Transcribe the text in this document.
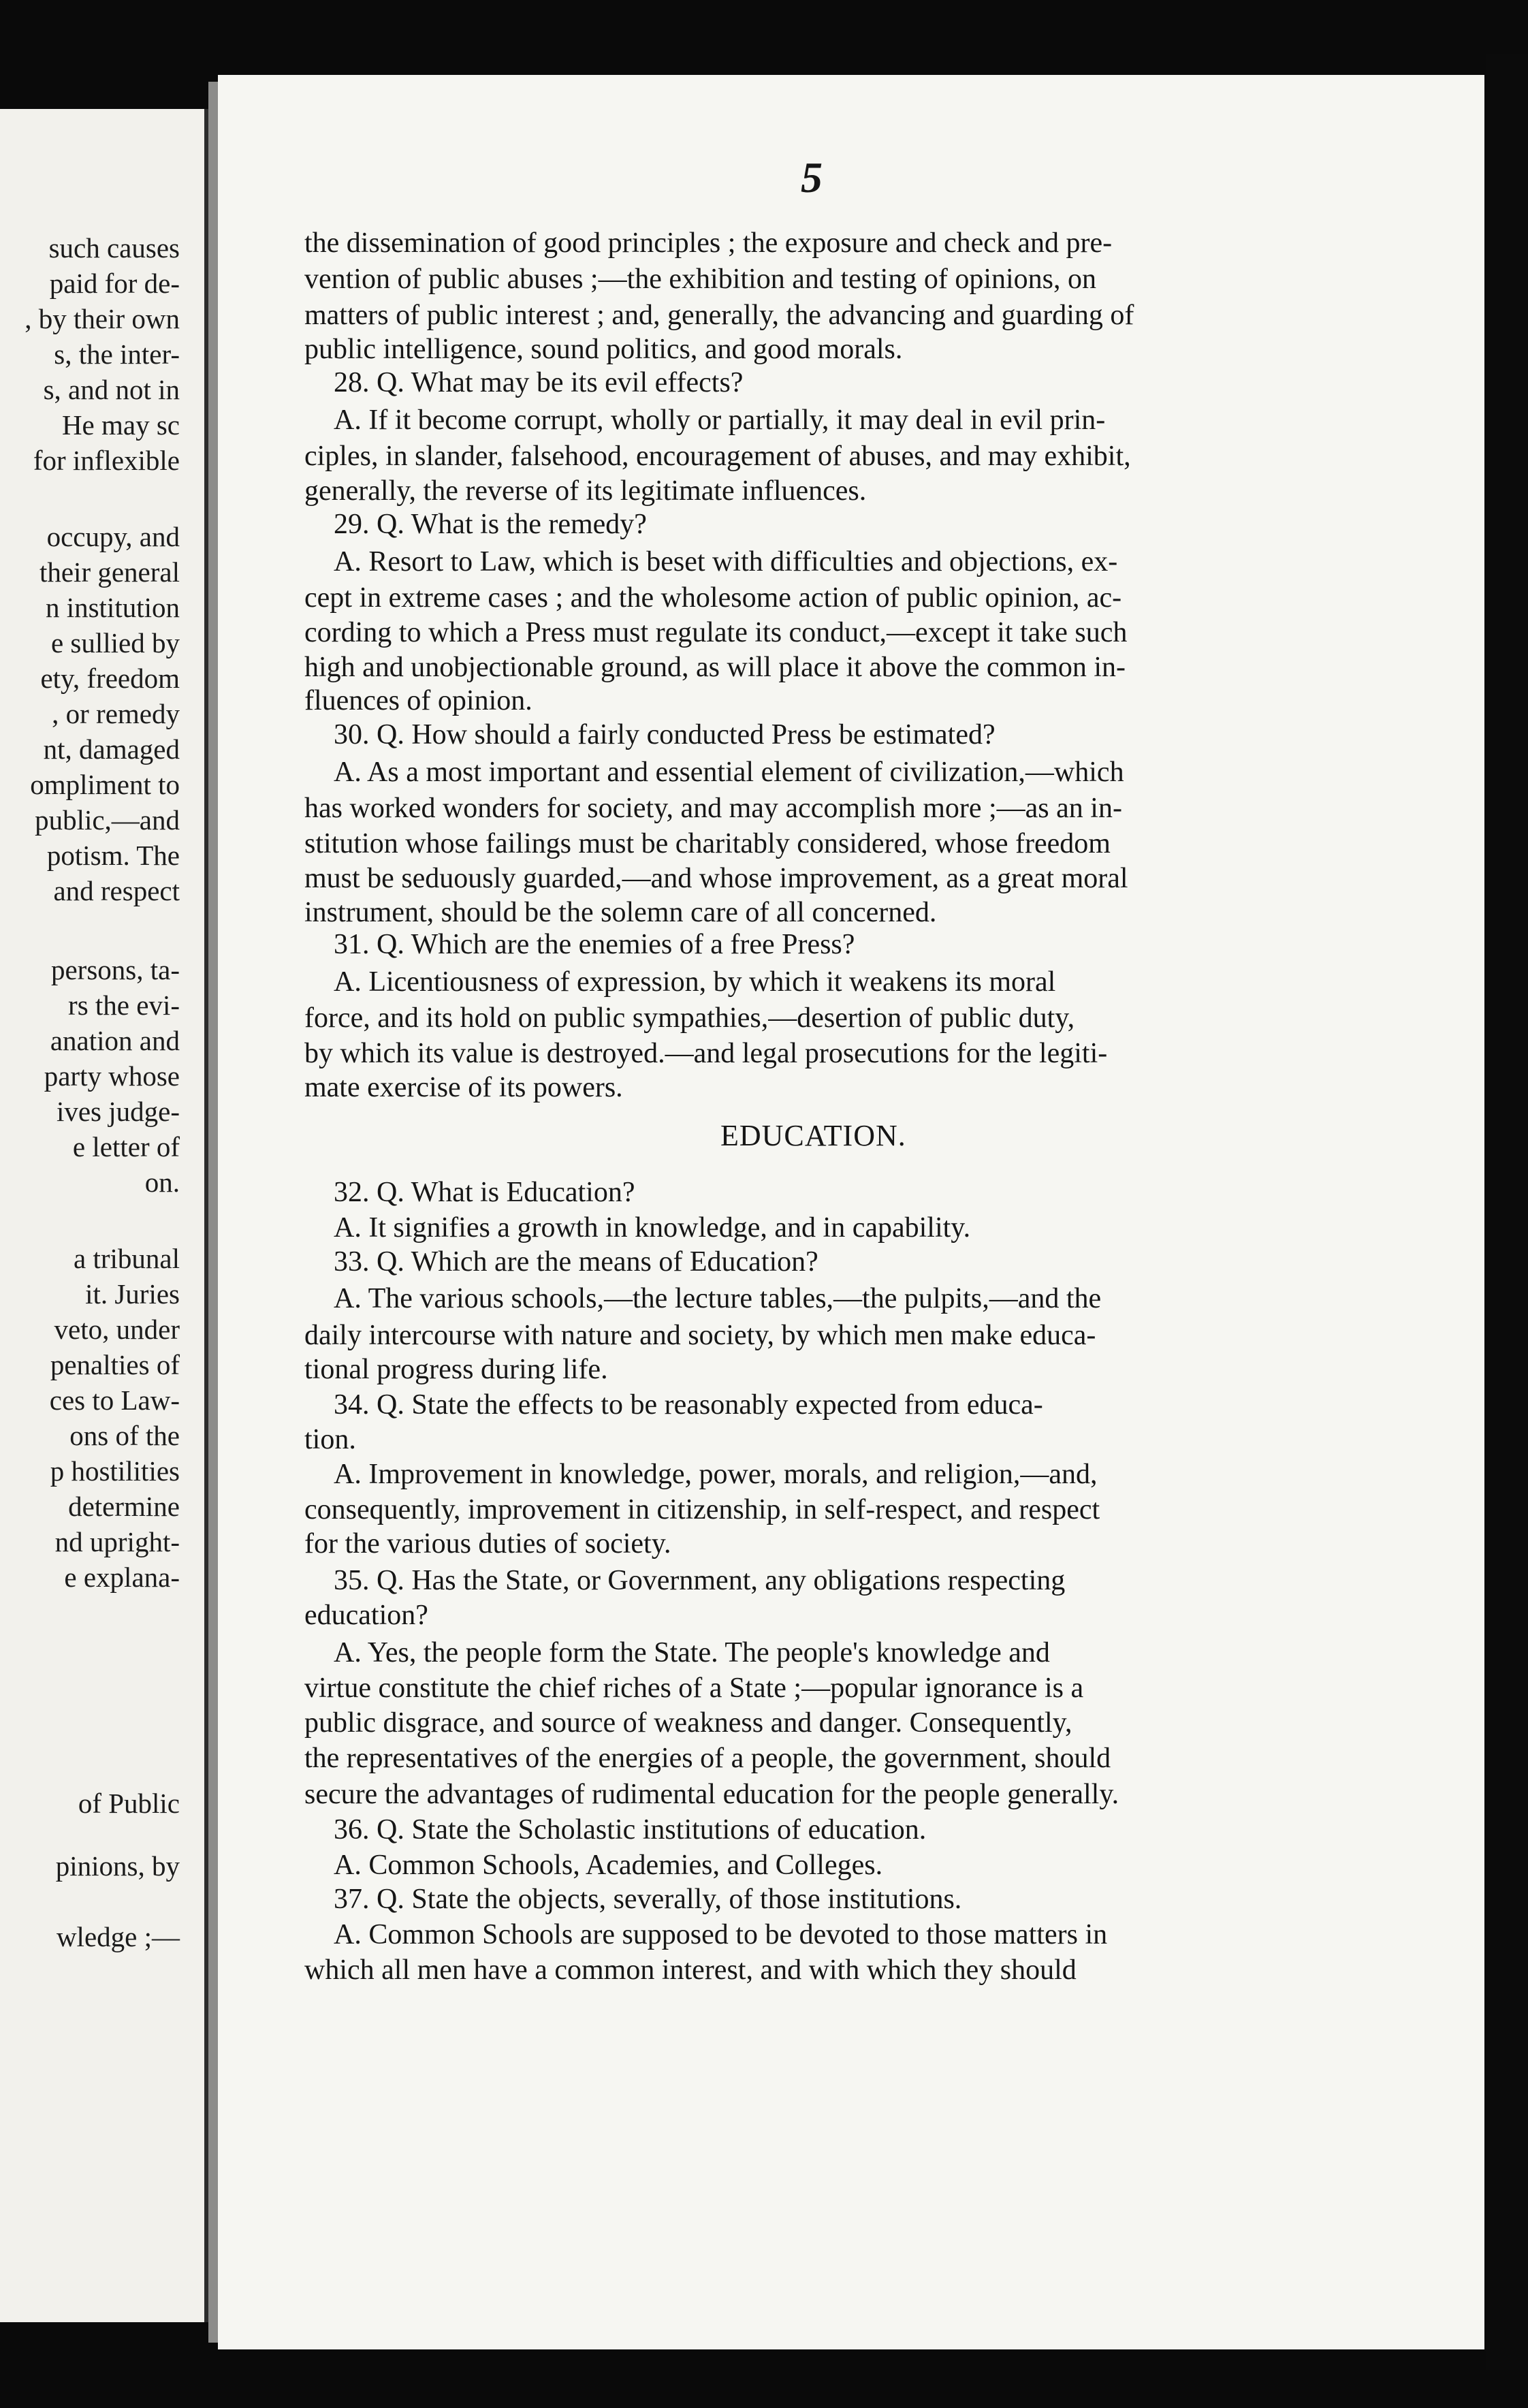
such causes
paid for de-
, by their own
s, the inter-
s, and not in
He may sc
for inflexible
occupy, and
their general
n institution
e sullied by
ety, freedom
, or remedy
nt, damaged
ompliment to
public,—and
potism. The
and respect
persons, ta-
rs the evi-
anation and
party whose
ives judge-
e letter of
on.
a tribunal
it. Juries
veto, under
penalties of
ces to Law-
ons of the
p hostilities
determine
nd upright-
e explana-
of Public
pinions, by
wledge ;—
5
the dissemination of good principles ; the exposure and check and pre-
vention of public abuses ;—the exhibition and testing of opinions, on
matters of public interest ; and, generally, the advancing and guarding of
public intelligence, sound politics, and good morals.
28. Q. What may be its evil effects?
A. If it become corrupt, wholly or partially, it may deal in evil prin-
ciples, in slander, falsehood, encouragement of abuses, and may exhibit,
generally, the reverse of its legitimate influences.
29. Q. What is the remedy?
A. Resort to Law, which is beset with difficulties and objections, ex-
cept in extreme cases ; and the wholesome action of public opinion, ac-
cording to which a Press must regulate its conduct,—except it take such
high and unobjectionable ground, as will place it above the common in-
fluences of opinion.
30. Q. How should a fairly conducted Press be estimated?
A. As a most important and essential element of civilization,—which
has worked wonders for society, and may accomplish more ;—as an in-
stitution whose failings must be charitably considered, whose freedom
must be seduously guarded,—and whose improvement, as a great moral
instrument, should be the solemn care of all concerned.
31. Q. Which are the enemies of a free Press?
A. Licentiousness of expression, by which it weakens its moral
force, and its hold on public sympathies,—desertion of public duty,
by which its value is destroyed.—and legal prosecutions for the legiti-
mate exercise of its powers.
EDUCATION.
32. Q. What is Education?
A. It signifies a growth in knowledge, and in capability.
33. Q. Which are the means of Education?
A. The various schools,—the lecture tables,—the pulpits,—and the
daily intercourse with nature and society, by which men make educa-
tional progress during life.
34. Q. State the effects to be reasonably expected from educa-
tion.
A. Improvement in knowledge, power, morals, and religion,—and,
consequently, improvement in citizenship, in self-respect, and respect
for the various duties of society.
35. Q. Has the State, or Government, any obligations respecting
education?
A. Yes, the people form the State. The people's knowledge and
virtue constitute the chief riches of a State ;—popular ignorance is a
public disgrace, and source of weakness and danger. Consequently,
the representatives of the energies of a people, the government, should
secure the advantages of rudimental education for the people generally.
36. Q. State the Scholastic institutions of education.
A. Common Schools, Academies, and Colleges.
37. Q. State the objects, severally, of those institutions.
A. Common Schools are supposed to be devoted to those matters in
which all men have a common interest, and with which they should
